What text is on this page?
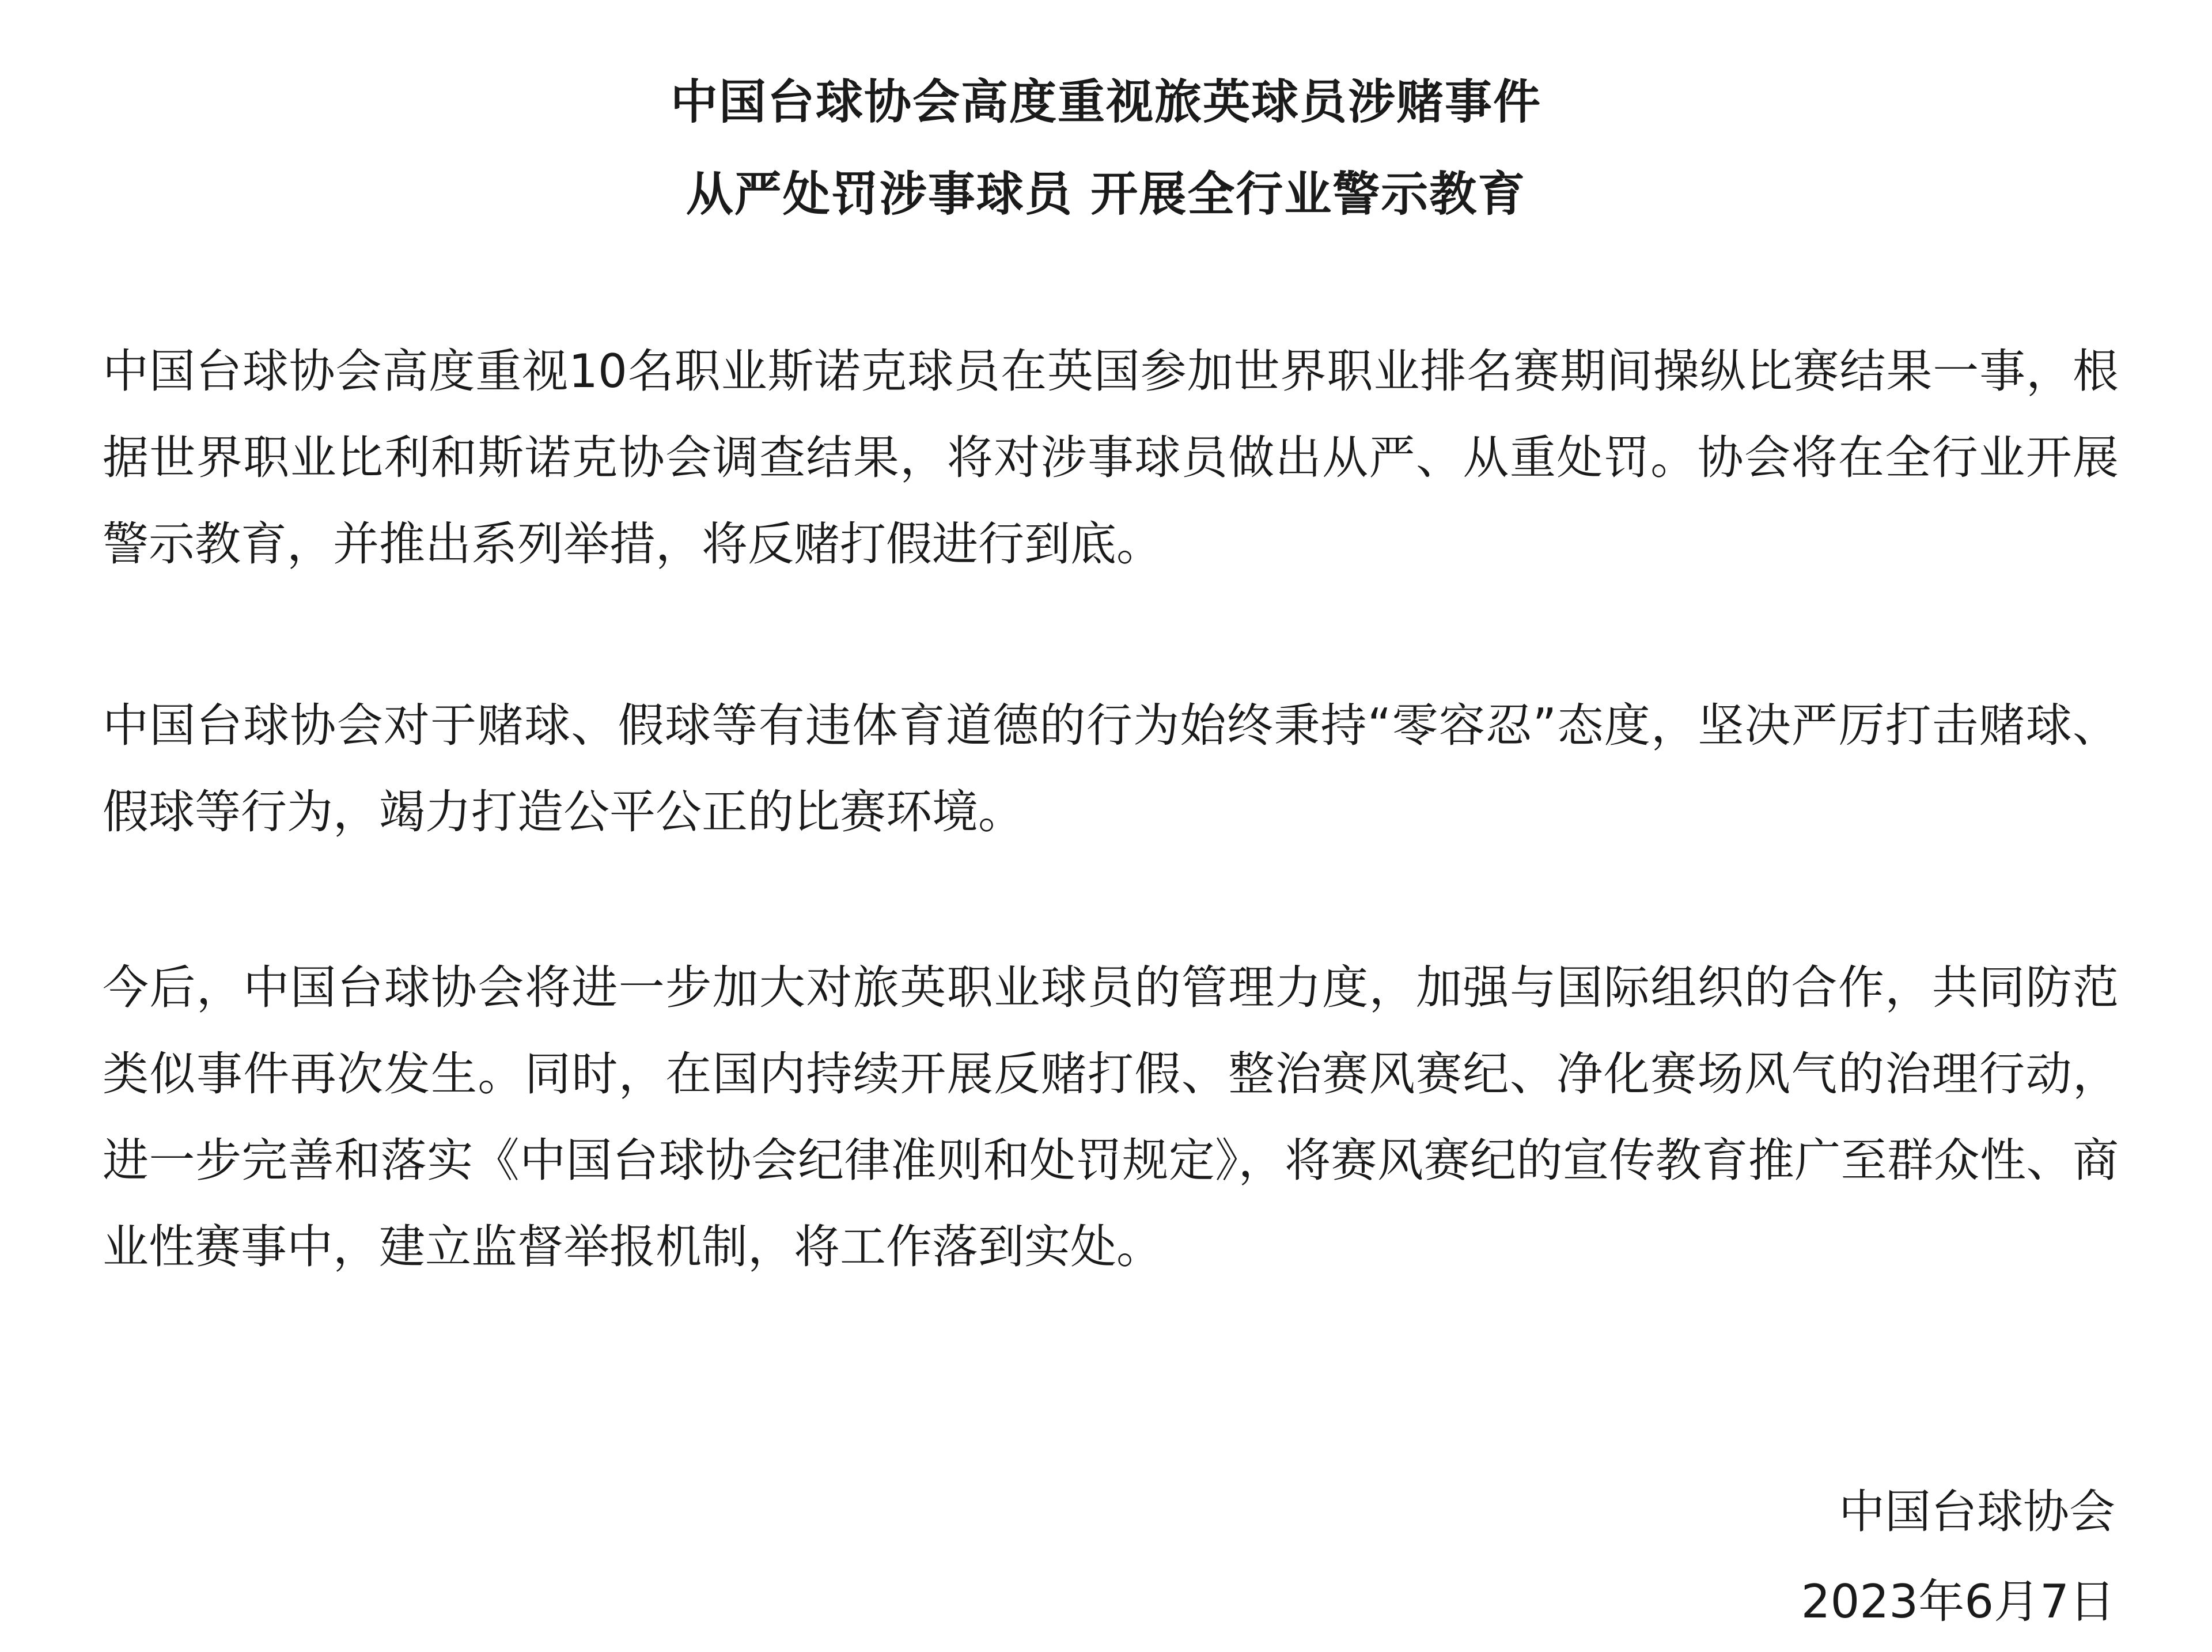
中国台球协会高度重视旅英球员涉赌事件
从严处罚涉事球员 开展全行业警示教育

中国台球协会高度重视10名职业斯诺克球员在英国参加世界职业排名赛期间操纵比赛结果一事，根据世界职业比利和斯诺克协会调查结果，将对涉事球员做出从严、从重处罚。协会将在全行业开展警示教育，并推出系列举措，将反赌打假进行到底。

中国台球协会对于赌球、假球等有违体育道德的行为始终秉持“零容忍”态度，坚决严厉打击赌球、假球等行为，竭力打造公平公正的比赛环境。

今后，中国台球协会将进一步加大对旅英职业球员的管理力度，加强与国际组织的合作，共同防范类似事件再次发生。同时，在国内持续开展反赌打假、整治赛风赛纪、净化赛场风气的治理行动，进一步完善和落实《中国台球协会纪律准则和处罚规定》，将赛风赛纪的宣传教育推广至群众性、商业性赛事中，建立监督举报机制，将工作落到实处。

中国台球协会
2023年6月7日
